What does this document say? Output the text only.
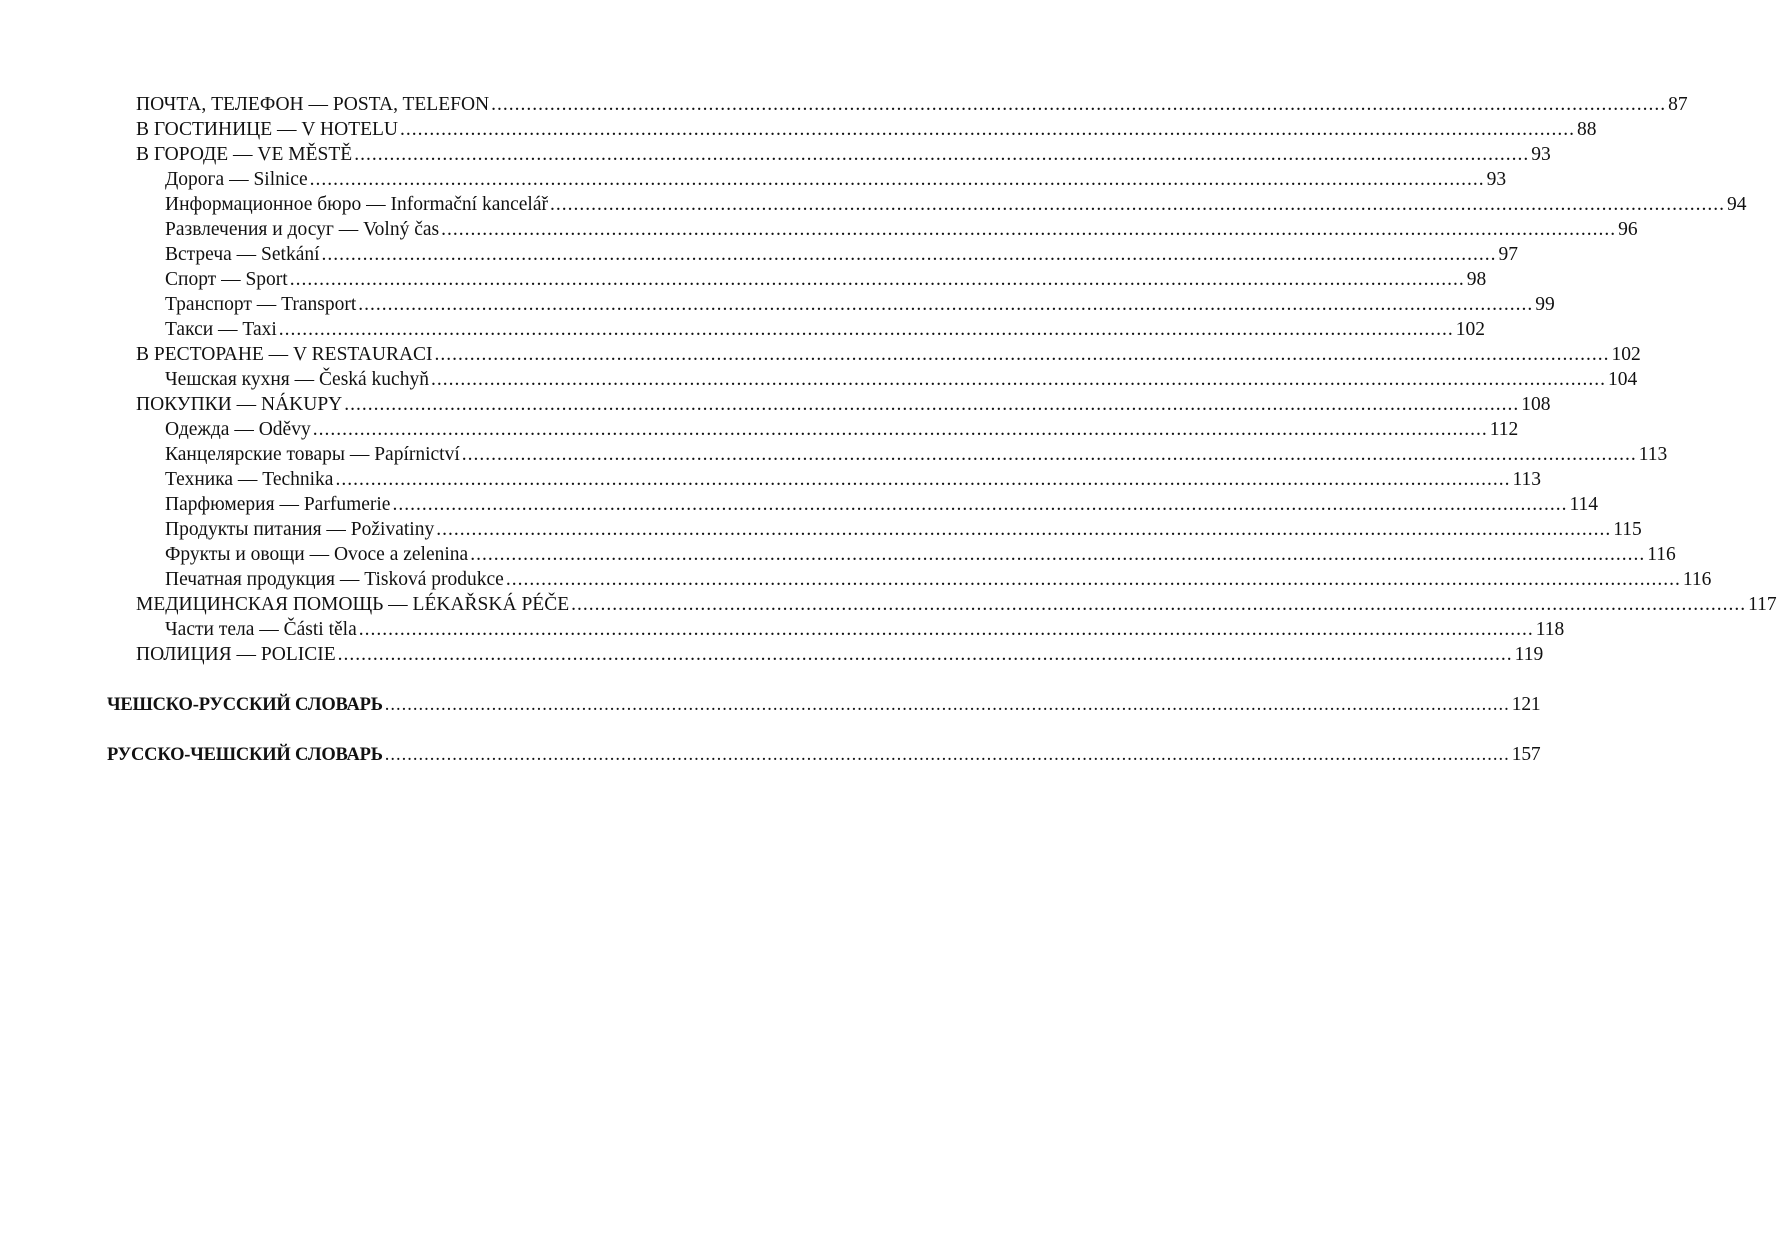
ПОЧТА, ТЕЛЕФОН — POSTA, TELEFON ........................................................................................................................................................................................................ 87
В ГОСТИНИЦЕ — V HOTELU ........................................................................................................................................................................................................ 88
В ГОРОДЕ — VE MĚSTĚ ........................................................................................................................................................................................................ 93
Дорога — Silnice ........................................................................................................................................................................................................ 93
Информационное бюро — Informační kancelář ........................................................................................................................................................................................................ 94
Развлечения и досуг — Volný čas ........................................................................................................................................................................................................ 96
Встреча — Setkání ........................................................................................................................................................................................................ 97
Спорт — Sport ........................................................................................................................................................................................................ 98
Транспорт — Transport ........................................................................................................................................................................................................ 99
Такси — Taxi ........................................................................................................................................................................................................ 102
В РЕСТОРАНЕ — V RESTAURACI ........................................................................................................................................................................................................ 102
Чешская кухня — Česká kuchyň ........................................................................................................................................................................................................ 104
ПОКУПКИ — NÁKUPY ........................................................................................................................................................................................................ 108
Одежда — Oděvy ........................................................................................................................................................................................................ 112
Канцелярские товары — Papírnictví ........................................................................................................................................................................................................ 113
Техника — Technika ........................................................................................................................................................................................................ 113
Парфюмерия — Parfumerie ........................................................................................................................................................................................................ 114
Продукты питания — Poživatiny ........................................................................................................................................................................................................ 115
Фрукты и овощи — Ovoce a zelenina ........................................................................................................................................................................................................ 116
Печатная продукция — Tisková produkce ........................................................................................................................................................................................................ 116
МЕДИЦИНСКАЯ ПОМОЩЬ — LÉKAŘSKÁ PÉČE ........................................................................................................................................................................................................ 117
Части тела — Části těla ........................................................................................................................................................................................................ 118
ПОЛИЦИЯ — POLICIE ........................................................................................................................................................................................................ 119
ЧЕШСКО-РУССКИЙ СЛОВАРЬ ........................................................................................................................................................................................................ 121
РУССКО-ЧЕШСКИЙ СЛОВАРЬ ........................................................................................................................................................................................................ 157
